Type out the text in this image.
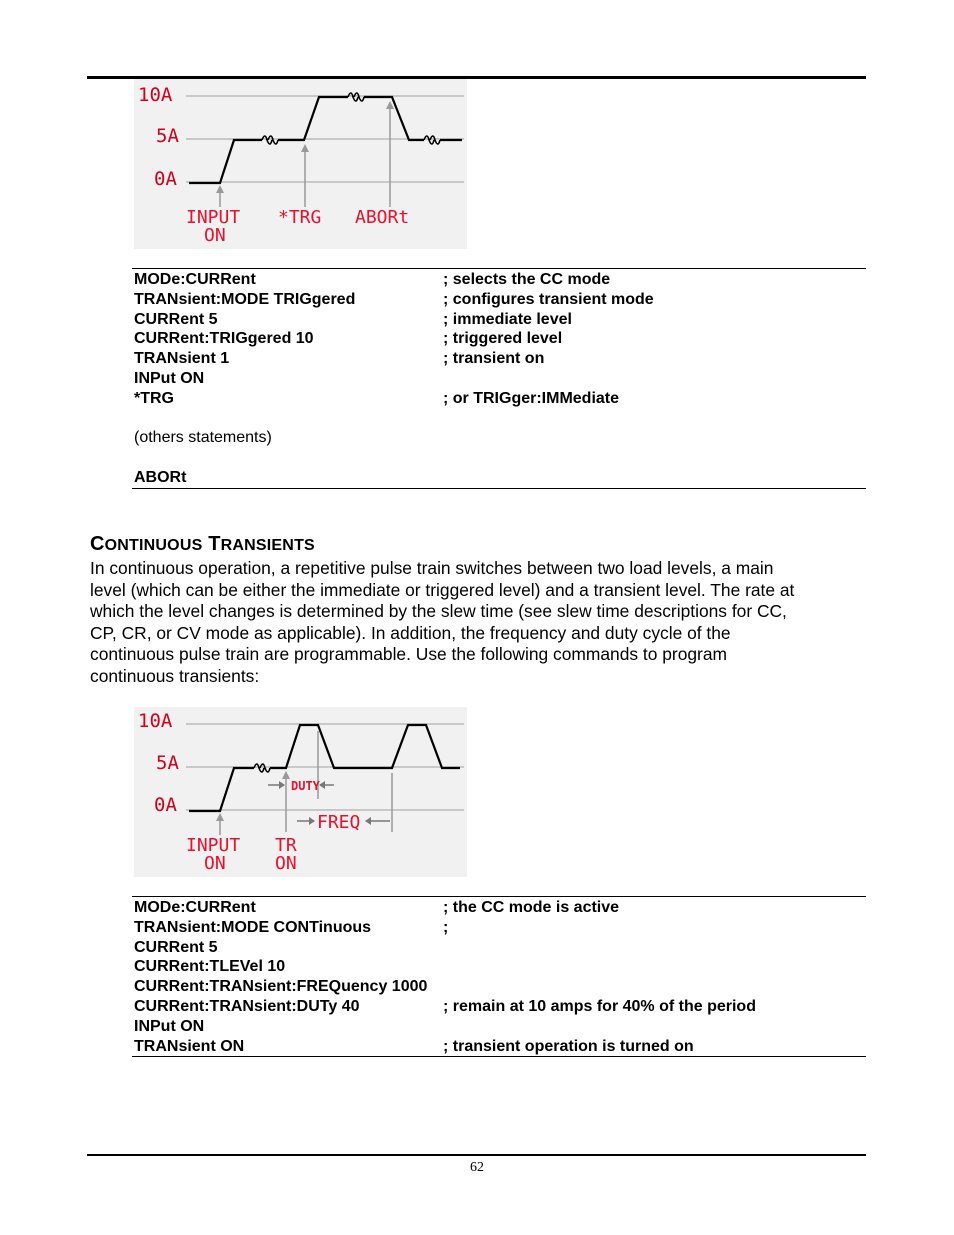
10A
5A
0A
INPUT
ON
*TRG ABORt
MODe:CURRent	; selects the CC mode
TRANsient:MODE TRIGgered	; configures transient mode
CURRent 5	; immediate level
CURRent:TRIGgered 10	; triggered level
TRANsient 1	; transient on
INPut ON
*TRG	; or TRIGger:IMMediate
(others statements)
ABORt
CONTINUOUS TRANSIENTS
In continuous operation, a repetitive pulse train switches between two load levels, a main
level (which can be either the immediate or triggered level) and a transient level. The rate at
which the level changes is determined by the slew time (see slew time descriptions for CC,
CP, CR, or CV mode as applicable). In addition, the frequency and duty cycle of the
continuous pulse train are programmable. Use the following commands to program
continuous transients:
10A
5A
0A
DUTY
FREQ
INPUT
ON
TR
ON
MODe:CURRent	; the CC mode is active
TRANsient:MODE CONTinuous	;
CURRent 5
CURRent:TLEVel 10
CURRent:TRANsient:FREQuency 1000
CURRent:TRANsient:DUTy 40	; remain at 10 amps for 40% of the period
INPut ON
TRANsient ON	; transient operation is turned on
62
